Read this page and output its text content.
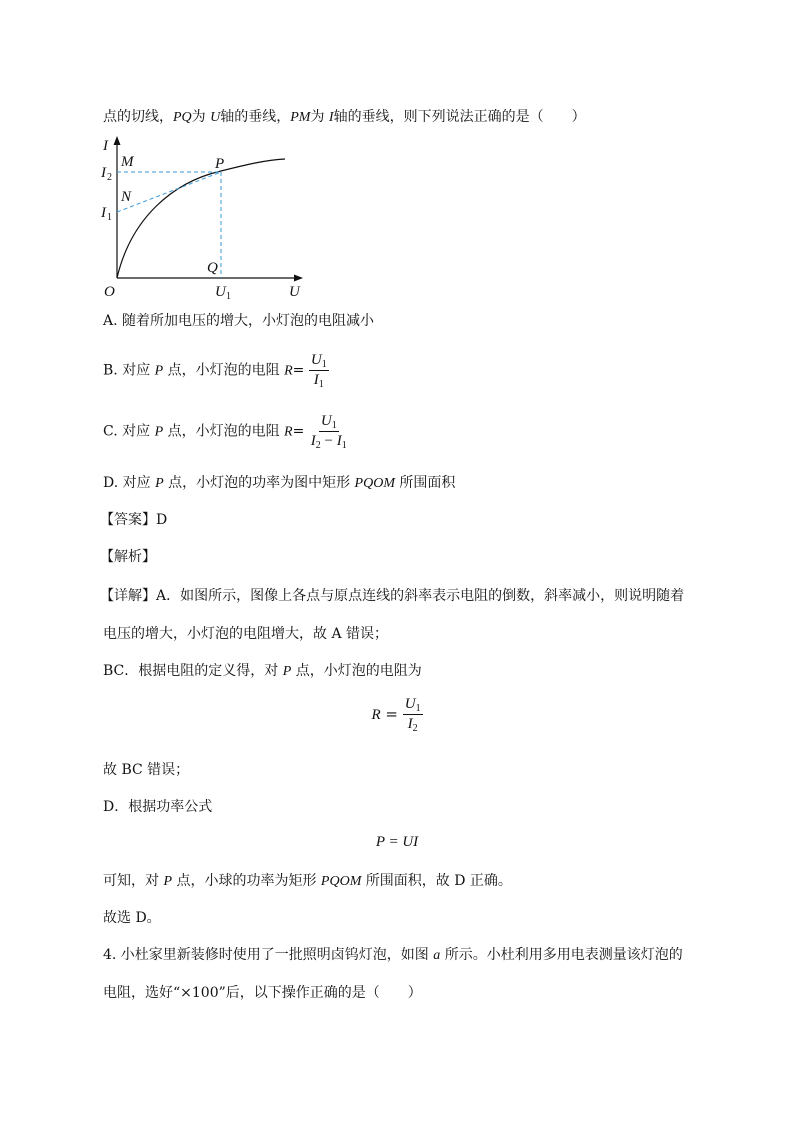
点的切线，PQ为 U轴的垂线，PM为 I轴的垂线，则下列说法正确的是（　　）
I
M	P
N
I 2
I 1
Q
O	U 1	U
A. 随着所加电压的增大，小灯泡的电阻减小
B. 对应 P 点，小灯泡的电阻 $R= \frac{U_1}{I_1}$
C. 对应 P 点，小灯泡的电阻 $R= \frac{U_1}{I_2 - I_1}$
D. 对应 P 点，小灯泡的功率为图中矩形 PQOM 所围面积
【答案】D
【解析】
【详解】A．如图所示，图像上各点与原点连线的斜率表示电阻的倒数，斜率减小，则说明随着
电压的增大，小灯泡的电阻增大，故 A 错误；
BC．根据电阻的定义得，对 P 点，小灯泡的电阻为
$R = \frac{U_1}{I_2}$
故 BC 错误；
D．根据功率公式
P = UI
可知，对 P 点，小球的功率为矩形 PQOM 所围面积，故 D 正确。
故选 D。
4. 小杜家里新装修时使用了一批照明卤钨灯泡，如图 a 所示。小杜利用多用电表测量该灯泡的
电阻，选好“×100”后，以下操作正确的是（　　）
